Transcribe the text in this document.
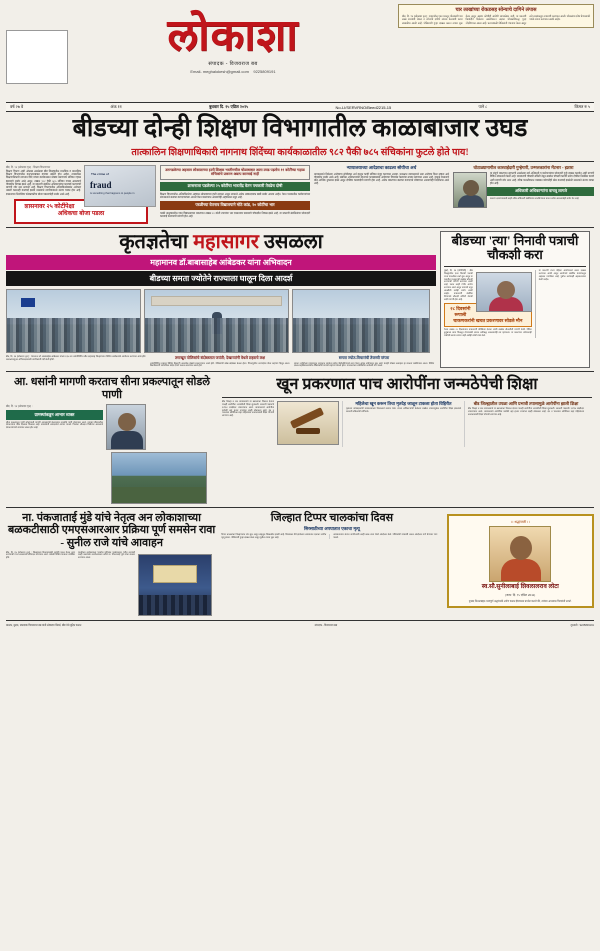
लोकाशा
संपादक - विजयराज बब
Email- meghalokesh@gmail.com 9225809191
चार लाखांच्या रोकडसह सोन्याचे दागिने लंपास
बीड, दि. १४ (लोकाशा वृत्त) : शहरातील एका घरातून चोरट्यांनी चार लाख रुपयांची रोकड व सोन्याचे दागिने लंपास केल्याची घटना उघडकीस आली आहे. पोलिसांनी गुन्हा दाखल करून तपास सुरू केला असून अद्याप कोणीही आरोपी सापडलेला नाही. या प्रकरणी फिर्यादीने दिलेल्या तक्रारीवरून अज्ञात चोरट्यांविरुद्ध गुन्हा नोंदविण्यात आला आहे. घटनास्थळी पोलिसांनी पंचनामा केला असून ठसे तज्ज्ञांकडून तपासणी करण्यात आली. चोरट्यांचा शोध घेण्यासाठी पथके रवाना करण्यात आली आहेत.
वर्ष २७ वे	अंक ११	बुधवार दि. १५ एप्रिल २०२५	No-LI/SERVRNO/Beed2215-15	पाने ८	किंमत रु ५
बीडच्या दोन्ही शिक्षण विभागातील काळाबाजार उघड
तात्कालिन शिक्षणाधिकारी नागनाथ शिंदेंच्या कार्यकाळातील ९८२ पैकी ७८५ संचिकांना फुटले होते पाय!
The crime of
fraud
is something that happens to people in
बीड, दि. १४ (लोकाशा वृत्त) : शिक्षण विभागाच्या
शिक्षण विभाग अशी ओळख असलेल्या बीड जिल्ह्यातील प्राथमिक व माध्यमिक शिक्षण विभागातील कारभाराबाबत वारंवार तक्रारी होत आहेत. तात्कालिन शिक्षणाधिकारी नागनाथ शिंदे यांच्या कार्यकाळात मोठ्या प्रमाणावर संचिका गहाळ झाल्याचे समोर आले असून, तब्बल ९८२ पैकी ७८५ संचिका गायब असल्याचे चौकशीत निष्पन्न झाले आहे. या प्रकरणी संबंधित अधिकाऱ्यांवर कारवाई करण्याची मागणी जोर धरू लागली आहे. शिक्षण विभागातील अनियमिततेबाबत अनेकदा तक्रारी करूनही कारवाई झाली नसल्याने नागरिकांमध्ये संताप व्यक्त होत आहे. शासनाच्या तिजोरीवर कोट्यवधींचा बोजा पडल्याचेही समोर आले आहे.
शासनावर २५ कोटींपेक्षा अधिकचा बोजा पडला
उलगडलेल्या अहवाल लोकाशाच्या हाती शिक्षक भरतीमधील घोळाबाबत आता उघड पड़तोय ११ कोटींच्या गहाळ संचिकांचे प्रकरण अद्याप कारवाई नाही
शासनाला पडलेल्या २५ कोटींचा भारतोंद्र वेतन पचकारी तेवढेच दोषी
शिक्षण विभागातील अनियमिततेचा अहवाल लोकाशाच्या हाती लागला असून त्यामध्ये अनेक धक्कादायक बाबी समोर आल्या आहेत. वेतन पथकातील कर्मचाऱ्यांच्या संगनमताने बनावट कागदपत्रांच्या आधारे वेतन काढण्यात आल्याचेही अहवालात नमूद आहे.
परळीच्या वेतनाव विद्यालयाने मोठे कांड, २० कोटींचा भार
परळी तालुक्यातील एका विद्यालयाच्या प्रकरणात तब्बल २० कोटी रुपयांचा भार शासनावर पडल्याचे चौकशीत निष्पन्न झाले आहे. या प्रकरणी संबंधितांवर फौजदारी कारवाई करण्याची मागणी होत आहे.
न्यायालयाच्या आदेशाचा काढला सोयीचा अर्थ
न्यायालयाने दिलेल्या आदेशाचा सोयीस्कर अर्थ काढून काही संचिका मंजूर करण्यात आल्या. प्रत्यक्षात न्यायालयाने तसा आदेशच दिला नव्हता असे चौकशीत समोर आले आहे. संबंधित अधिकाऱ्यांनी स्वतःच्या फायद्यासाठी आदेशाचा विपर्यास केल्याचा ठपका ठेवण्यात आला आहे. यामुळे शासनाचे मोठे आर्थिक नुकसान झाले असून दोषींवर कारवाईची मागणी होत आहे. अनेक प्रकरणात बनावट कागदपत्रे जोडण्यात आल्याचेही निदर्शनास आले आहे.
घोटाळ्यामागील कारवाईदारी गुन्हेगारी, उन्मत्तकारांना मेंटनार - इशारा
या संपूर्ण प्रकरणात सहभागी असलेल्या सर्व अधिकारी व कर्मचाऱ्यांवर फौजदारी गुन्हे दाखल करावेत अशी मागणी विविध संघटनांनी केली आहे. याप्रकरणी चौकशी समिती नेमून सखोल चौकशी करावी तसेच दोषींना निलंबित करावे अशी मागणी जोर धरत आहे. वरिष्ठ पातळीवरून याबाबत कोणतीही ठोस कारवाई झालेली नसल्याने संताप व्यक्त होत आहे.
अधिकारी अधिकाऱ्यांना वाचवू लागले
प्रकरण दडपण्यासाठी काही वरिष्ठ अधिकारी संबंधितांना वाचविण्याचा प्रयत्न करीत असल्याचेही समोर येत आहे.
कृतज्ञतेचा महासागर उसळला
महामानव डॉ.बाबासाहेब आंबेडकर यांना अभिवादन
बीडच्या समता ज्योतेने राज्याला घालून दिला आदर्श
बीड, दि. १४ (लोकाशा वृत्त) : भारतरत्न डॉ. बाबासाहेब आंबेडकर यांच्या १३४ व्या जयंतीनिमित्त बीड शहरासह जिल्हाभरात विविध कार्यक्रमांचे आयोजन करण्यात आले होते. सकाळपासूनच अभिवादनासाठी नागरिकांनी गर्दी केली होती.	तमाखूत पोलिसांचे बंदोबस्तात जयंती; देखाव्यांनी वेधले शहराचे लक्ष
जयंतीनिमित्त शहरात विविध ठिकाणी आकर्षक देखावे साकारण्यात आले होते. पोलिसांनी चोख बंदोबस्त ठेवला होता. मिरवणुकीत तरुणाईचा मोठा सहभाग दिसून आला. ठिकठिकाणी सामाजिक संदेश देणारे फलक लावण्यात आले होते.
समता ज्योत-विचारांची तेजस्वी परंपरा
समता ज्योतीच्या माध्यमातून समाजात समतेचा संदेश पोहोचविण्याचे काम गेल्या अनेक वर्षांपासून सुरू आहे. यंदाही मोठ्या उत्साहात हा उपक्रम राबविण्यात आला. विविध शाळा-महाविद्यालयांतील विद्यार्थ्यांनी यामध्ये सहभाग घेतला होता. मान्यवरांच्या उपस्थितीत कार्यक्रम पार पडला.
बीडच्या 'त्या' निनावी पत्राची चौकशी करा
मुंबई, दि. १४ (प्रतिनिधी) : बीड जिल्ह्यातील एका निनावी पत्राची राज्य पातळीवर चर्चा सुरू असून या पत्रातील मजकुराची सखोल चौकशी करण्याची मागणी करण्यात आली आहे. पत्रात काही गंभीर आरोप करण्यात आले असून त्यामध्ये नमूद व्यक्तींची नावेही समोर आली आहेत. याप्रकरणी संबंधित विभागाने चौकशी समिती नेमावी अशी मागणी होत आहे.
२८ दिवसांनी रूपाली चाकणकरांनी खचत प्रकरणावर सोडले मौन
गेल्या तब्बल २८ दिवसांनंतर याप्रकरणी प्रतिक्रिया देताना त्यांनी सखोल चौकशीची मागणी केली. पीडित कुटुंबाला न्याय मिळवून देण्यासाठी शासन कटिबद्ध असल्याचेही त्या म्हणाल्या. या प्रकरणात कोणालाही पाठीशी घातले जाणार नाही असेही त्यांनी स्पष्ट केले.
या प्रकरणी राज्य महिला आयोगाकडे तक्रार दाखल करण्यात आली असून आयोगाने संबंधित यंत्रणांकडून अहवाल मागविला आहे. पुढील कार्यवाही अहवालानंतर केली जाईल.
आ. धसांनी मागणी करताच सीना प्रकल्पातून सोडले पाणी
बीड, दि. १४ (लोकाशा वृत्त) :
ग्रामस्थांकडून आभार व्यक्त
सीना प्रकल्पातून पाणी सोडण्याची मागणी आमदारांनी केल्यानंतर तातडीने पाणी सोडण्यात आले. यामुळे परिसरातील शेतकऱ्यांना मोठा दिलासा मिळाला आहे. ग्रामस्थांनी आमदारांचे आभार मानले. पिकांना जीवदान मिळणार असल्याने शेतकऱ्यांमध्ये समाधान व्यक्त होत आहे.
खून प्रकरणात पाच आरोपींना जन्मठेपेची शिक्षा
बीड जिल्हा व सत्र न्यायालयाने या खटल्याचा निकाल देताना पाचही आरोपींना जन्मठेपेची शिक्षा सुनावली. सरकारी पक्षातर्फे १२/१४ साक्षीदार तपासण्यात आले. न्यायालयाने आरोपींना प्रत्येकी दहा हजार रुपयांचा दंडही ठोठावला आहे. दंड न भरल्यास अतिरिक्त सहा महिन्यांच्या कारावासाची शिक्षा भोगावी लागणार आहे.
महिलेचा खून करून तिचा मृतदेह जाळून टाकला होता विहिरीत
मृताच्या नातेवाइकांनी न्यायालयाच्या निकालाचे स्वागत केले. तपास अधिकाऱ्यांनी केलेल्या सखोल तपासामुळेच आरोपींना शिक्षा झाल्याचे सरकारी वकिलांनी सांगितले.
बीड जिल्ह्यातील उपळा आणि प्रभावी तपासामुळे आरोपींना झाली शिक्षा
बीड जिल्हा व सत्र न्यायालयाने या खटल्याचा निकाल देताना पाचही आरोपींना जन्मठेपेची शिक्षा सुनावली. सरकारी पक्षातर्फे १२/१४ साक्षीदार तपासण्यात आले. न्यायालयाने आरोपींना प्रत्येकी दहा हजार रुपयांचा दंडही ठोठावला आहे. दंड न भरल्यास अतिरिक्त सहा महिन्यांच्या कारावासाची शिक्षा भोगावी लागणार आहे.
ना. पंकजाताई मुंडे यांचे नेतृत्व अन लोकाशाच्या बळकटीसाठी एमएसआरआर प्रक्रिया पूर्ण समसेन रावा - सुनील राजे यांचे आवाहन
बीड, दि. १४ (लोकाशा वृत्त) : जिल्ह्याच्या विकासासाठी सर्वांनी एकत्र येऊन काम करण्याची गरज असल्याचे प्रतिपादन करण्यात आले. यावेळी विविध मान्यवर उपस्थित होते.
परळीच्या कार्यक्रमाला भरघोस प्रतिसाद पुनर्वसनावर भरीव कामाची ग्वाही जनसंपर्क कार्यालयाच्या वतीने ना. पंकजाताई मुंडे यांचा सत्कार करण्यात आला.
जिल्हात टिप्पर चालकांचा दिवस
सिरसाठीच्या अपघातात एकाचा मृत्यू
टिप्पर चालकांचा जिल्हाभरात संप सुरू असून वाहतूक विस्कळीत झाली आहे. सिरसाळा येथे झालेल्या अपघातात एकाचा जागीच मृत्यू झाला. पोलिसांनी गुन्हा दाखल केला असून पुढील तपास सुरू आहे.
अपघातानंतर संतप्त नागरिकांनी काही काळ रस्ता रोको आंदोलन केले. पोलिसांनी मध्यस्थी करून आंदोलन मागे घेण्यास भाग पाडले.
।। श्रद्धांजली ।।
स्व.सौ.सुनीलाबाई शिवलालराव लोटा
(जन्म: दि. १५ एप्रिल 2011)
दुःखद निधनाबद्दल भावपूर्ण श्रद्धांजली अर्पण करून ईश्वराला प्रार्थना करतो की, त्यांच्या आत्म्यास चिरशांती लाभो.
मालक, मुद्रक, प्रकाशक विजयराज बब यांनी लोकाशा प्रिंटर्स, बीड येथे मुद्रित करून	संपादक - विजयराज बब	दूरध्वनी : 9225809191
